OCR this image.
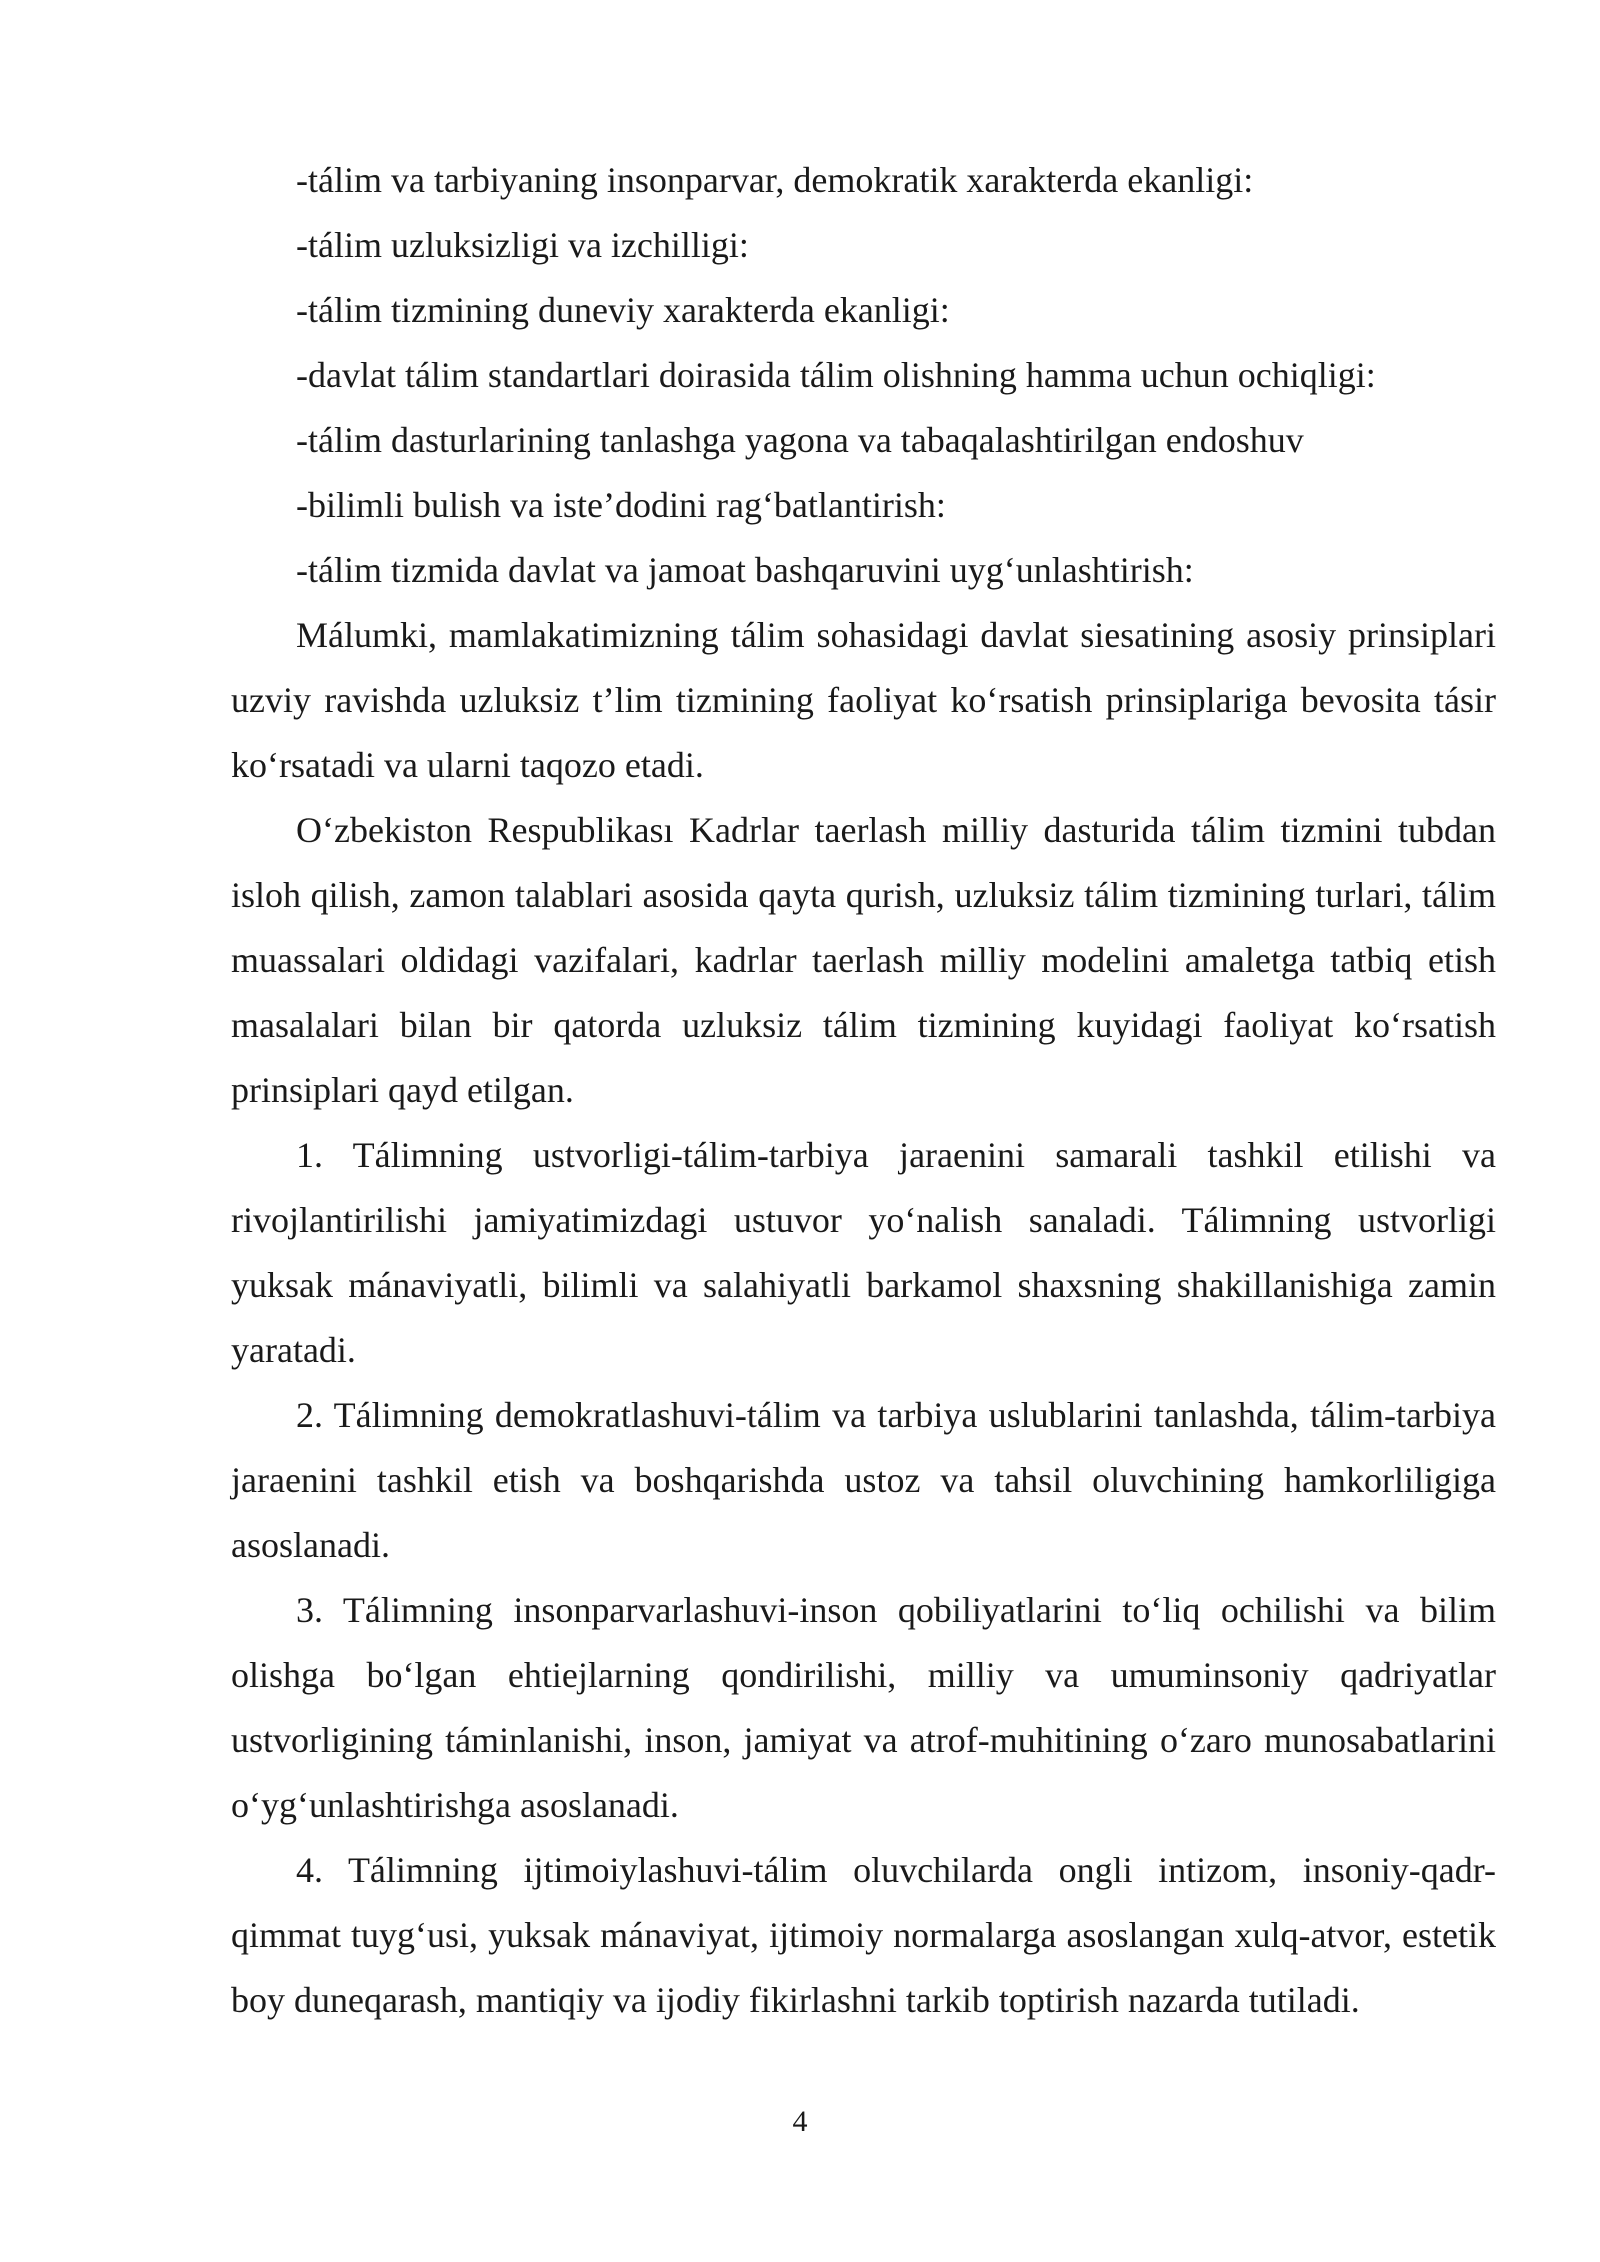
-tálim va tarbiyaning insonparvar, demokratik xarakterda ekanligi:
-tálim uzluksizligi va izchilligi:
-tálim tizmining duneviy xarakterda ekanligi:
-davlat tálim standartlari doirasida tálim olishning hamma uchun ochiqligi:
-tálim dasturlarining tanlashga yagona va tabaqalashtirilgan endoshuv
-bilimli bulish va iste’dodini rag‘batlantirish:
-tálim tizmida davlat va jamoat bashqaruvini uyg‘unlashtirish:

Málumki, mamlakatimizning tálim sohasidagi davlat siesatining asosiy prinsiplari uzviy ravishda uzluksiz t’lim tizmining faoliyat ko‘rsatish prinsiplariga bevosita tásir ko‘rsatadi va ularni taqozo etadi.

O‘zbekiston Respublikası Kadrlar taerlash milliy dasturida tálim tizmini tubdan isloh qilish, zamon talablari asosida qayta qurish, uzluksiz tálim tizmining turlari, tálim muassalari oldidagi vazifalari, kadrlar taerlash milliy modelini amaletga tatbiq etish masalalari bilan bir qatorda uzluksiz tálim tizmining kuyidagi faoliyat ko‘rsatish prinsiplari qayd etilgan.

1. Tálimning ustvorligi-tálim-tarbiya jaraenini samarali tashkil etilishi va rivojlantirilishi jamiyatimizdagi ustuvor yo‘nalish sanaladi. Tálimning ustvorligi yuksak mánaviyatli, bilimli va salahiyatli barkamol shaxsning shakillanishiga zamin yaratadi.

2. Tálimning demokratlashuvi-tálim va tarbiya uslublarini tanlashda, tálim-tarbiya jaraenini tashkil etish va boshqarishda ustoz va tahsil oluvchining hamkorliligiga asoslanadi.

3. Tálimning insonparvarlashuvi-inson qobiliyatlarini to‘liq ochilishi va bilim olishga bo‘lgan ehtiejlarning qondirilishi, milliy va umuminsoniy qadriyatlar ustvorligining táminlanishi, inson, jamiyat va atrof-muhitining o‘zaro munosabatlarini o‘yg‘unlashtirishga asoslanadi.

4. Tálimning ijtimoiylashuvi-tálim oluvchilarda ongli intizom, insoniy-qadr-qimmat tuyg‘usi, yuksak mánaviyat, ijtimoiy normalarga asoslangan xulq-atvor, estetik boy duneqarash, mantiqiy va ijodiy fikirlashni tarkib toptirish nazarda tutiladi.

4
